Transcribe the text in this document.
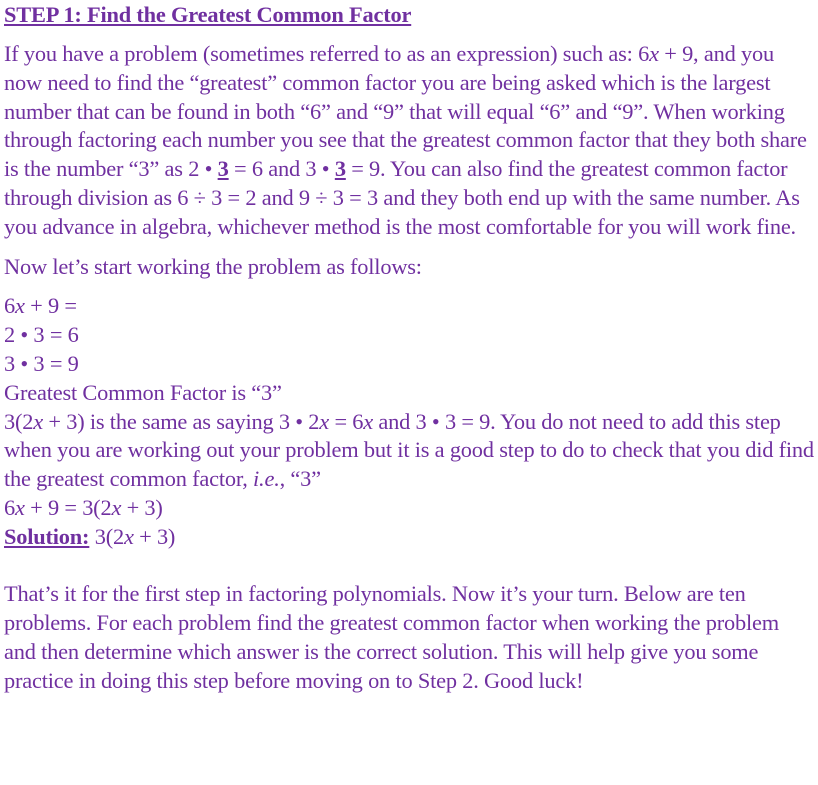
STEP 1: Find the Greatest Common Factor

If you have a problem (sometimes referred to as an expression) such as: 6x + 9, and you now need to find the “greatest” common factor you are being asked which is the largest number that can be found in both “6” and “9” that will equal “6” and “9”. When working through factoring each number you see that the greatest common factor that they both share is the number “3” as 2 • 3 = 6 and 3 • 3 = 9. You can also find the greatest common factor through division as 6 ÷ 3 = 2 and 9 ÷ 3 = 3 and they both end up with the same number. As you advance in algebra, whichever method is the most comfortable for you will work fine.

Now let’s start working the problem as follows:

6x + 9 =
2 • 3 = 6
3 • 3 = 9
Greatest Common Factor is “3”
3(2x + 3) is the same as saying 3 • 2x = 6x and 3 • 3 = 9. You do not need to add this step when you are working out your problem but it is a good step to do to check that you did find the greatest common factor, i.e., “3”
6x + 9 = 3(2x + 3)
Solution: 3(2x + 3)

That’s it for the first step in factoring polynomials. Now it’s your turn. Below are ten problems. For each problem find the greatest common factor when working the problem and then determine which answer is the correct solution. This will help give you some practice in doing this step before moving on to Step 2. Good luck!
